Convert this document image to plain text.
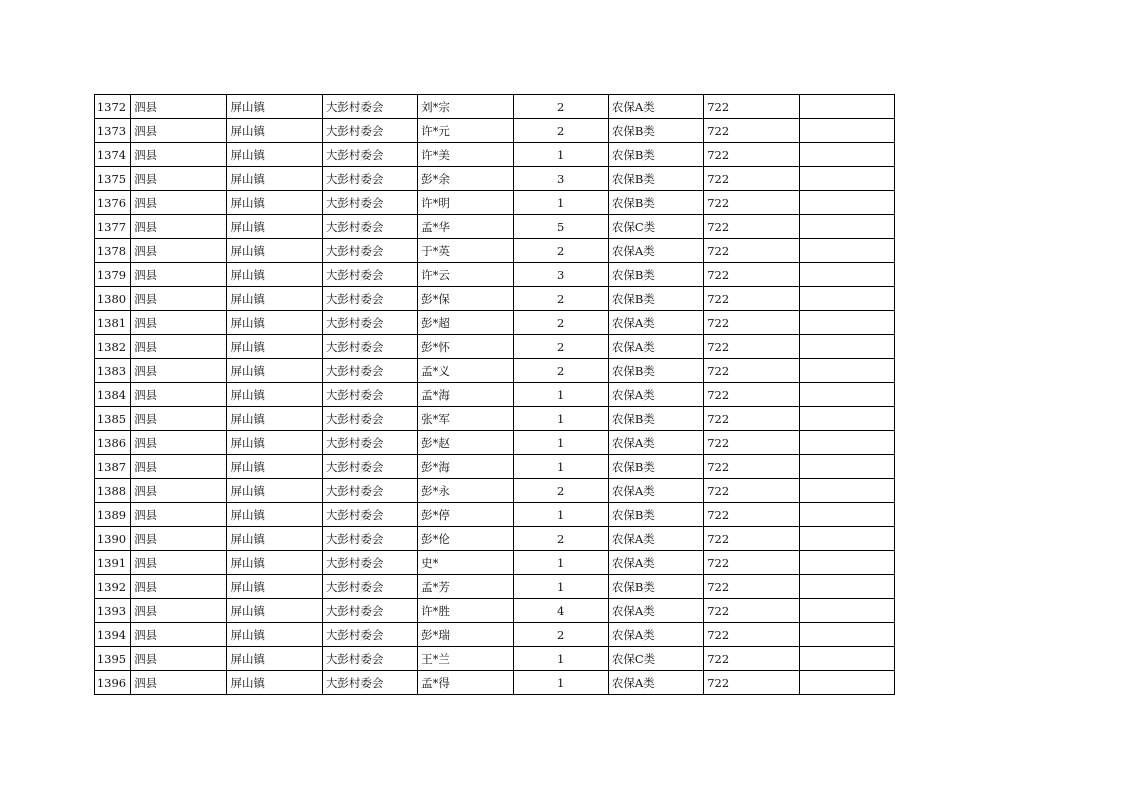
1372	泗县	屏山镇	大彭村委会	刘*宗	2	农保A类	722	
1373	泗县	屏山镇	大彭村委会	许*元	2	农保B类	722	
1374	泗县	屏山镇	大彭村委会	许*美	1	农保B类	722	
1375	泗县	屏山镇	大彭村委会	彭*余	3	农保B类	722	
1376	泗县	屏山镇	大彭村委会	许*明	1	农保B类	722	
1377	泗县	屏山镇	大彭村委会	孟*华	5	农保C类	722	
1378	泗县	屏山镇	大彭村委会	于*英	2	农保A类	722	
1379	泗县	屏山镇	大彭村委会	许*云	3	农保B类	722	
1380	泗县	屏山镇	大彭村委会	彭*保	2	农保B类	722	
1381	泗县	屏山镇	大彭村委会	彭*超	2	农保A类	722	
1382	泗县	屏山镇	大彭村委会	彭*怀	2	农保A类	722	
1383	泗县	屏山镇	大彭村委会	孟*义	2	农保B类	722	
1384	泗县	屏山镇	大彭村委会	孟*海	1	农保A类	722	
1385	泗县	屏山镇	大彭村委会	张*军	1	农保B类	722	
1386	泗县	屏山镇	大彭村委会	彭*赵	1	农保A类	722	
1387	泗县	屏山镇	大彭村委会	彭*海	1	农保B类	722	
1388	泗县	屏山镇	大彭村委会	彭*永	2	农保A类	722	
1389	泗县	屏山镇	大彭村委会	彭*停	1	农保B类	722	
1390	泗县	屏山镇	大彭村委会	彭*伦	2	农保A类	722	
1391	泗县	屏山镇	大彭村委会	史*	1	农保A类	722	
1392	泗县	屏山镇	大彭村委会	孟*芳	1	农保B类	722	
1393	泗县	屏山镇	大彭村委会	许*胜	4	农保A类	722	
1394	泗县	屏山镇	大彭村委会	彭*瑞	2	农保A类	722	
1395	泗县	屏山镇	大彭村委会	王*兰	1	农保C类	722	
1396	泗县	屏山镇	大彭村委会	孟*得	1	农保A类	722	
